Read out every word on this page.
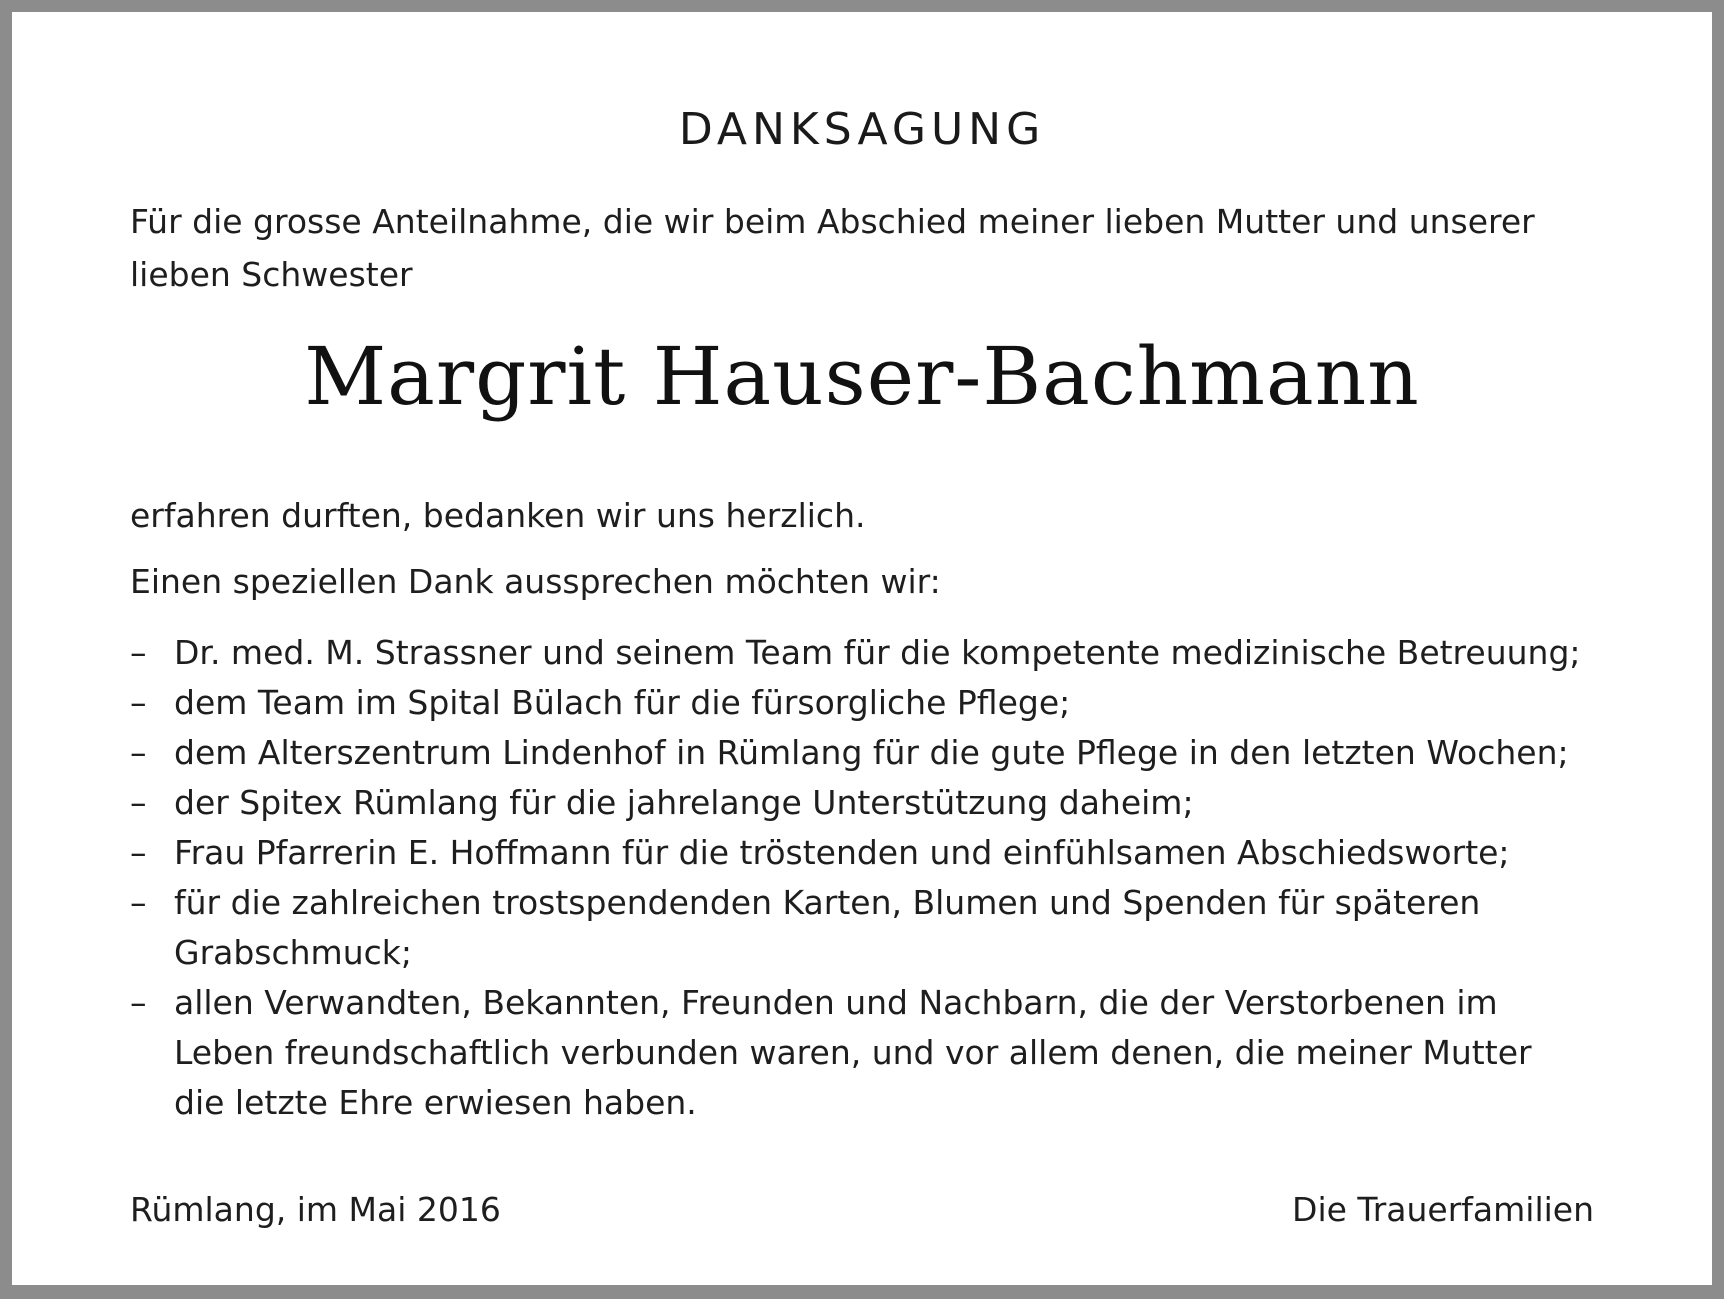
DANKSAGUNG

Für die grosse Anteilnahme, die wir beim Abschied meiner lieben Mutter und unserer lieben Schwester

Margrit Hauser-Bachmann

erfahren durften, bedanken wir uns herzlich.

Einen speziellen Dank aussprechen möchten wir:

– Dr. med. M. Strassner und seinem Team für die kompetente medizinische Betreuung;
– dem Team im Spital Bülach für die fürsorgliche Pflege;
– dem Alterszentrum Lindenhof in Rümlang für die gute Pflege in den letzten Wochen;
– der Spitex Rümlang für die jahrelange Unterstützung daheim;
– Frau Pfarrerin E. Hoffmann für die tröstenden und einfühlsamen Abschiedsworte;
– für die zahlreichen trostspendenden Karten, Blumen und Spenden für späteren Grabschmuck;
– allen Verwandten, Bekannten, Freunden und Nachbarn, die der Verstorbenen im Leben freundschaftlich verbunden waren, und vor allem denen, die meiner Mutter die letzte Ehre erwiesen haben.

Rümlang, im Mai 2016	Die Trauerfamilien
